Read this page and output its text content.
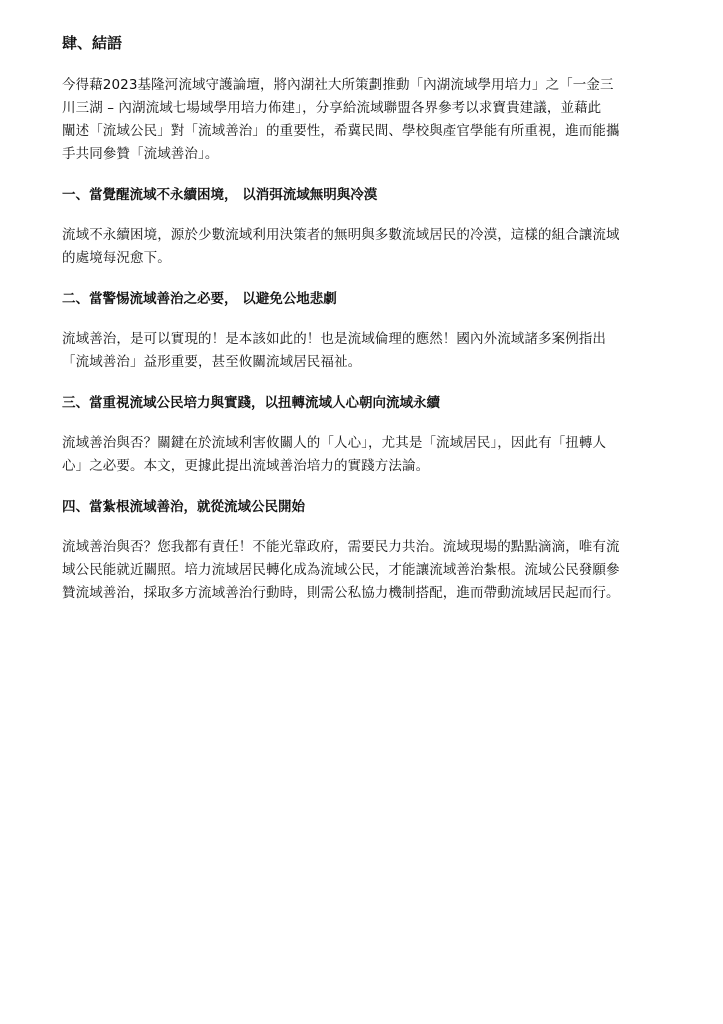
肆、結語
今得藉2023基隆河流域守護論壇，將內湖社大所策劃推動「內湖流域學用培力」之「一金三
川三湖 – 內湖流域七場域學用培力佈建」，分享給流域聯盟各界參考以求寶貴建議，並藉此
闡述「流域公民」對「流域善治」的重要性，希冀民間、學校與產官學能有所重視，進而能攜
手共同參贊「流域善治」。
一、當覺醒流域不永續困境， 以消弭流域無明與冷漠
流域不永續困境，源於少數流域利用決策者的無明與多數流域居民的冷漠，這樣的組合讓流域
的處境每況愈下。
二、當警惕流域善治之必要， 以避免公地悲劇
流域善治，是可以實現的！是本該如此的！也是流域倫理的應然！國內外流域諸多案例指出
「流域善治」益形重要，甚至攸關流域居民福祉。
三、當重視流域公民培力與實踐，以扭轉流域人心朝向流域永續
流域善治與否？關鍵在於流域利害攸關人的「人心」，尤其是「流域居民」，因此有「扭轉人
心」之必要。本文，更據此提出流域善治培力的實踐方法論。
四、當紮根流域善治，就從流域公民開始
流域善治與否？您我都有責任！不能光靠政府，需要民力共治。流域現場的點點滴滴，唯有流
域公民能就近關照。培力流域居民轉化成為流域公民，才能讓流域善治紮根。流域公民發願參
贊流域善治，採取多方流域善治行動時，則需公私協力機制搭配，進而帶動流域居民起而行。
